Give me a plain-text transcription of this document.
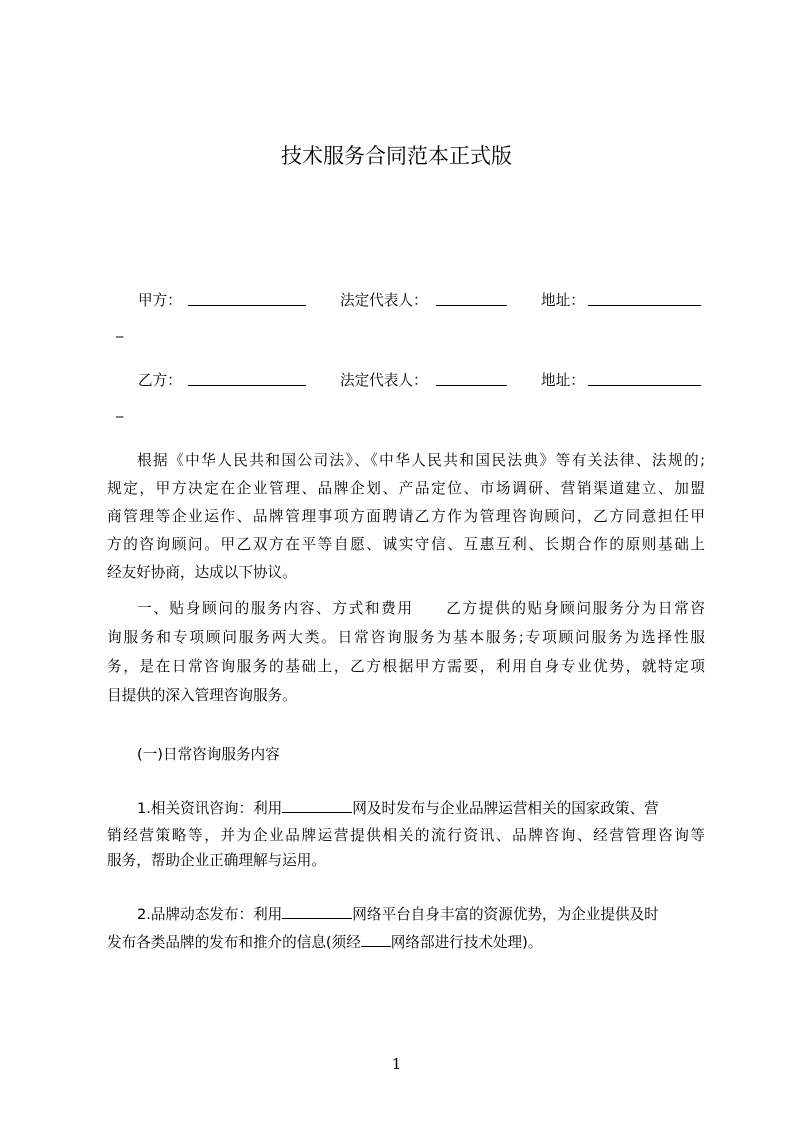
技术服务合同范本正式版
甲方：	法定代表人：	地址：
_
乙方：	法定代表人：	地址：
_
根据《中华人民共和国公司法》、《中华人民共和国民法典》等有关法律、法规的;
规定，甲方决定在企业管理、品牌企划、产品定位、市场调研、营销渠道建立、加盟
商管理等企业运作、品牌管理事项方面聘请乙方作为管理咨询顾问，乙方同意担任甲
方的咨询顾问。甲乙双方在平等自愿、诚实守信、互惠互利、长期合作的原则基础上
经友好协商，达成以下协议。
一、贴身顾问的服务内容、方式和费用　　乙方提供的贴身顾问服务分为日常咨
询服务和专项顾问服务两大类。日常咨询服务为基本服务;专项顾问服务为选择性服
务，是在日常咨询服务的基础上，乙方根据甲方需要，利用自身专业优势，就特定项
目提供的深入管理咨询服务。
(一)日常咨询服务内容
1.相关资讯咨询：利用	网及时发布与企业品牌运营相关的国家政策、营
销经营策略等，并为企业品牌运营提供相关的流行资讯、品牌咨询、经营管理咨询等
服务，帮助企业正确理解与运用。
2.品牌动态发布：利用	网络平台自身丰富的资源优势，为企业提供及时
发布各类品牌的发布和推介的信息(须经 网络部进行技术处理)。
1
